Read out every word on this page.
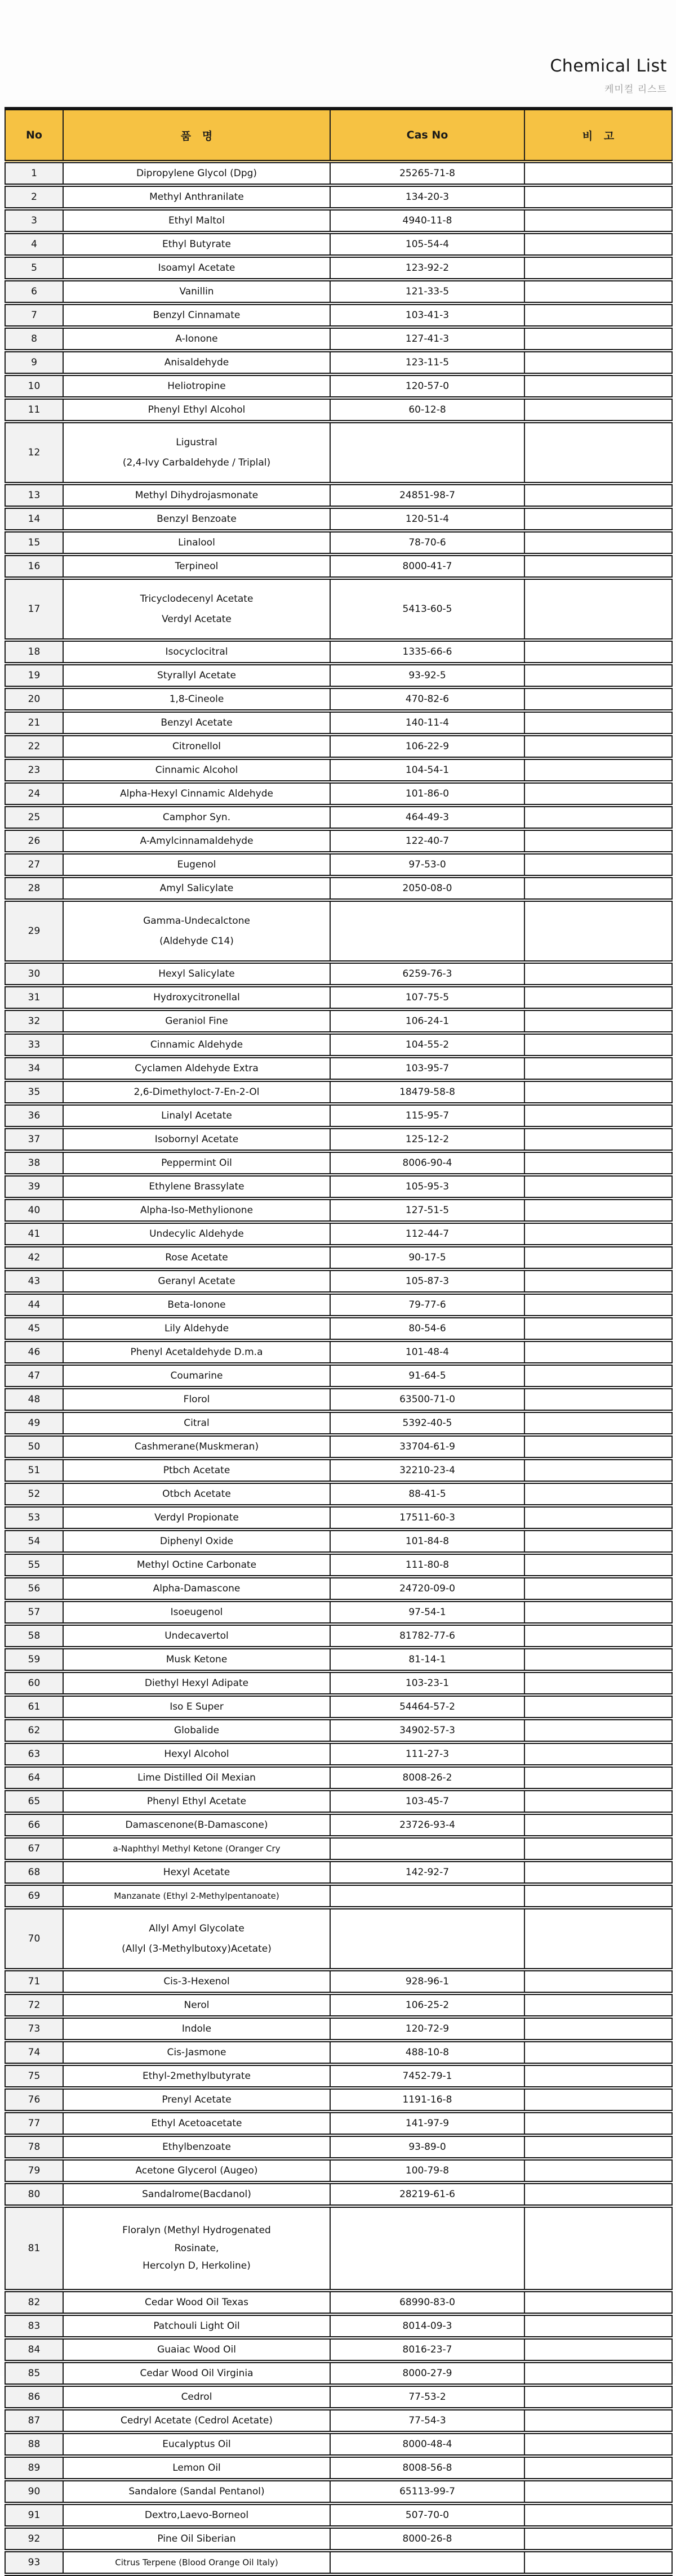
Chemical List
케미컬 리스트
No	품   명	Cas No	비   고
1	Dipropylene Glycol (Dpg)	25265-71-8	
2	Methyl Anthranilate	134-20-3	
3	Ethyl Maltol	4940-11-8	
4	Ethyl Butyrate	105-54-4	
5	Isoamyl Acetate	123-92-2	
6	Vanillin	121-33-5	
7	Benzyl Cinnamate	103-41-3	
8	A-Ionone	127-41-3	
9	Anisaldehyde	123-11-5	
10	Heliotropine	120-57-0	
11	Phenyl Ethyl Alcohol	60-12-8	
12	Ligustral
(2,4-Ivy Carbaldehyde / Triplal)		

13	Methyl Dihydrojasmonate	24851-98-7	
14	Benzyl Benzoate	120-51-4	
15	Linalool	78-70-6	
16	Terpineol	8000-41-7	
17	Tricyclodecenyl Acetate
Verdyl Acetate	5413-60-5	
18	Isocyclocitral	1335-66-6	
19	Styrallyl Acetate	93-92-5	
20	1,8-Cineole	470-82-6	
21	Benzyl Acetate	140-11-4	
22	Citronellol	106-22-9	
23	Cinnamic Alcohol	104-54-1	
24	Alpha-Hexyl Cinnamic Aldehyde	101-86-0	
25	Camphor Syn.	464-49-3	
26	A-Amylcinnamaldehyde	122-40-7	
27	Eugenol	97-53-0	
28	Amyl Salicylate	2050-08-0	
29	Gamma-Undecalctone
(Aldehyde C14)		

30	Hexyl Salicylate	6259-76-3	
31	Hydroxycitronellal	107-75-5	
32	Geraniol Fine	106-24-1	
33	Cinnamic Aldehyde	104-55-2	
34	Cyclamen Aldehyde Extra	103-95-7	
35	2,6-Dimethyloct-7-En-2-Ol	18479-58-8	
36	Linalyl Acetate	115-95-7	
37	Isobornyl Acetate	125-12-2	
38	Peppermint Oil	8006-90-4	
39	Ethylene Brassylate	105-95-3	
40	Alpha-Iso-Methylionone	127-51-5	
41	Undecylic Aldehyde	112-44-7	
42	Rose Acetate	90-17-5	
43	Geranyl Acetate	105-87-3	
44	Beta-Ionone	79-77-6	
45	Lily Aldehyde	80-54-6	
46	Phenyl Acetaldehyde D.m.a	101-48-4	
47	Coumarine	91-64-5	
48	Florol	63500-71-0	
49	Citral	5392-40-5	
50	Cashmerane(Muskmeran)	33704-61-9	
51	Ptbch Acetate	32210-23-4	
52	Otbch Acetate	88-41-5	
53	Verdyl Propionate	17511-60-3	
54	Diphenyl Oxide	101-84-8	
55	Methyl Octine Carbonate	111-80-8	
56	Alpha-Damascone	24720-09-0	
57	Isoeugenol	97-54-1	
58	Undecavertol	81782-77-6	
59	Musk Ketone	81-14-1	
60	Diethyl Hexyl Adipate	103-23-1	
61	Iso E Super	54464-57-2	
62	Globalide	34902-57-3	
63	Hexyl Alcohol	111-27-3	
64	Lime Distilled Oil Mexian	8008-26-2	
65	Phenyl Ethyl Acetate	103-45-7	
66	Damascenone(B-Damascone)	23726-93-4	
67	a-Naphthyl Methyl Ketone (Oranger Cry		

68	Hexyl Acetate	142-92-7	
69	Manzanate (Ethyl 2-Methylpentanoate)		

70	Allyl Amyl Glycolate
(Allyl (3-Methylbutoxy)Acetate)		

71	Cis-3-Hexenol	928-96-1	
72	Nerol	106-25-2	
73	Indole	120-72-9	
74	Cis-Jasmone	488-10-8	
75	Ethyl-2methylbutyrate	7452-79-1	
76	Prenyl Acetate	1191-16-8	
77	Ethyl Acetoacetate	141-97-9	
78	Ethylbenzoate	93-89-0	
79	Acetone Glycerol (Augeo)	100-79-8	
80	Sandalrome(Bacdanol)	28219-61-6	
81	Floralyn (Methyl Hydrogenated
Rosinate,
Hercolyn D, Herkoline)		

82	Cedar Wood Oil Texas	68990-83-0	
83	Patchouli Light Oil	8014-09-3	
84	Guaiac Wood Oil	8016-23-7	
85	Cedar Wood Oil Virginia	8000-27-9	
86	Cedrol	77-53-2	
87	Cedryl Acetate (Cedrol Acetate)	77-54-3	
88	Eucalyptus Oil	8000-48-4	
89	Lemon Oil	8008-56-8	
90	Sandalore (Sandal Pentanol)	65113-99-7	
91	Dextro,Laevo-Borneol	507-70-0	
92	Pine Oil Siberian	8000-26-8	
93	Citrus Terpene (Blood Orange Oil Italy)		
